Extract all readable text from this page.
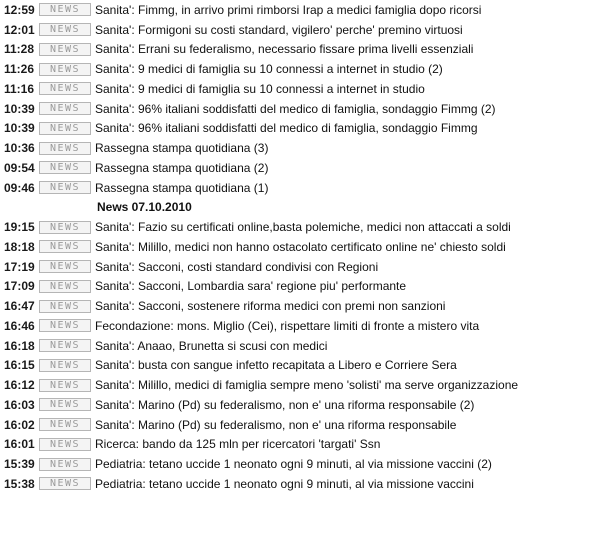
12:59	NEWS	Sanita': Fimmg, in arrivo primi rimborsi Irap a medici famiglia dopo ricorsi
12:01	NEWS	Sanita': Formigoni su costi standard, vigilero' perche' premino virtuosi
11:28	NEWS	Sanita': Errani su federalismo, necessario fissare prima livelli essenziali
11:26	NEWS	Sanita': 9 medici di famiglia su 10 connessi a internet in studio (2)
11:16	NEWS	Sanita': 9 medici di famiglia su 10 connessi a internet in studio
10:39	NEWS	Sanita': 96% italiani soddisfatti del medico di famiglia, sondaggio Fimmg (2)
10:39	NEWS	Sanita': 96% italiani soddisfatti del medico di famiglia, sondaggio Fimmg
10:36	NEWS	Rassegna stampa quotidiana (3)
09:54	NEWS	Rassegna stampa quotidiana (2)
09:46	NEWS	Rassegna stampa quotidiana (1)
News 07.10.2010
19:15	NEWS	Sanita': Fazio su certificati online,basta polemiche, medici non attaccati a soldi
18:18	NEWS	Sanita': Milillo, medici non hanno ostacolato certificato online ne' chiesto soldi
17:19	NEWS	Sanita': Sacconi, costi standard condivisi con Regioni
17:09	NEWS	Sanita': Sacconi, Lombardia sara' regione piu' performante
16:47	NEWS	Sanita': Sacconi, sostenere riforma medici con premi non sanzioni
16:46	NEWS	Fecondazione: mons. Miglio (Cei), rispettare limiti di fronte a mistero vita
16:18	NEWS	Sanita': Anaao, Brunetta si scusi con medici
16:15	NEWS	Sanita': busta con sangue infetto recapitata a Libero e Corriere Sera
16:12	NEWS	Sanita': Milillo, medici di famiglia sempre meno 'solisti' ma serve organizzazione
16:03	NEWS	Sanita': Marino (Pd) su federalismo, non e' una riforma responsabile (2)
16:02	NEWS	Sanita': Marino (Pd) su federalismo, non e' una riforma responsabile
16:01	NEWS	Ricerca: bando da 125 mln per ricercatori 'targati' Ssn
15:39	NEWS	Pediatria: tetano uccide 1 neonato ogni 9 minuti, al via missione vaccini (2)
15:38	NEWS	Pediatria: tetano uccide 1 neonato ogni 9 minuti, al via missione vaccini
